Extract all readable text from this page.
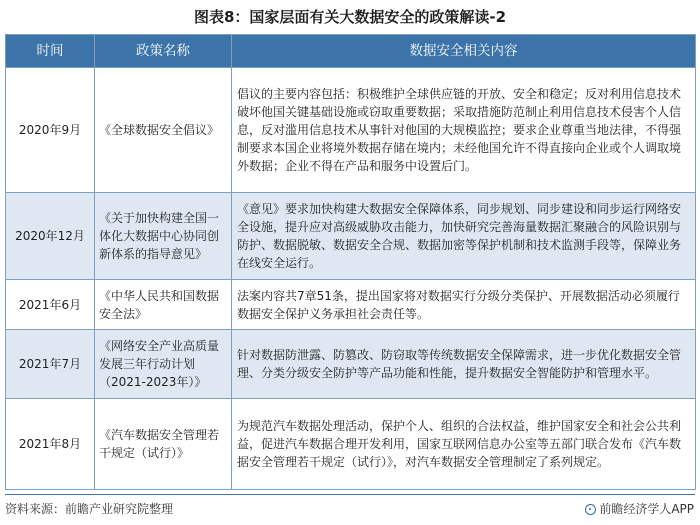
图表8：国家层面有关大数据安全的政策解读-2
时间	政策名称	数据安全相关内容
2020年9月	《全球数据安全倡议》	倡议的主要内容包括：积极维护全球供应链的开放、安全和稳定；反对利用信息技术破坏他国关键基础设施或窃取重要数据；采取措施防范制止利用信息技术侵害个人信息，反对滥用信息技术从事针对他国的大规模监控；要求企业尊重当地法律，不得强制要求本国企业将境外数据存储在境内；未经他国允许不得直接向企业或个人调取境外数据；企业不得在产品和服务中设置后门。
2020年12月	《关于加快构建全国一体化大数据中心协同创新体系的指导意见》	《意见》要求加快构建大数据安全保障体系，同步规划、同步建设和同步运行网络安全设施，提升应对高级威胁攻击能力，加快研究完善海量数据汇聚融合的风险识别与防护、数据脱敏、数据安全合规、数据加密等保护机制和技术监测手段等，保障业务在线安全运行。
2021年6月	《中华人民共和国数据安全法》	法案内容共7章51条，提出国家将对数据实行分级分类保护、开展数据活动必须履行数据安全保护义务承担社会责任等。
2021年7月	《网络安全产业高质量发展三年行动计划（2021-2023年）》	针对数据防泄露、防篡改、防窃取等传统数据安全保障需求，进一步优化数据安全管理、分类分级安全防护等产品功能和性能，提升数据安全智能防护和管理水平。
2021年8月	《汽车数据安全管理若干规定（试行）》	为规范汽车数据处理活动，保护个人、组织的合法权益，维护国家安全和社会公共利益，促进汽车数据合理开发利用，国家互联网信息办公室等五部门联合发布《汽车数据安全管理若干规定（试行）》，对汽车数据安全管理制定了系列规定。
资料来源：前瞻产业研究院整理	前瞻经济学人APP
